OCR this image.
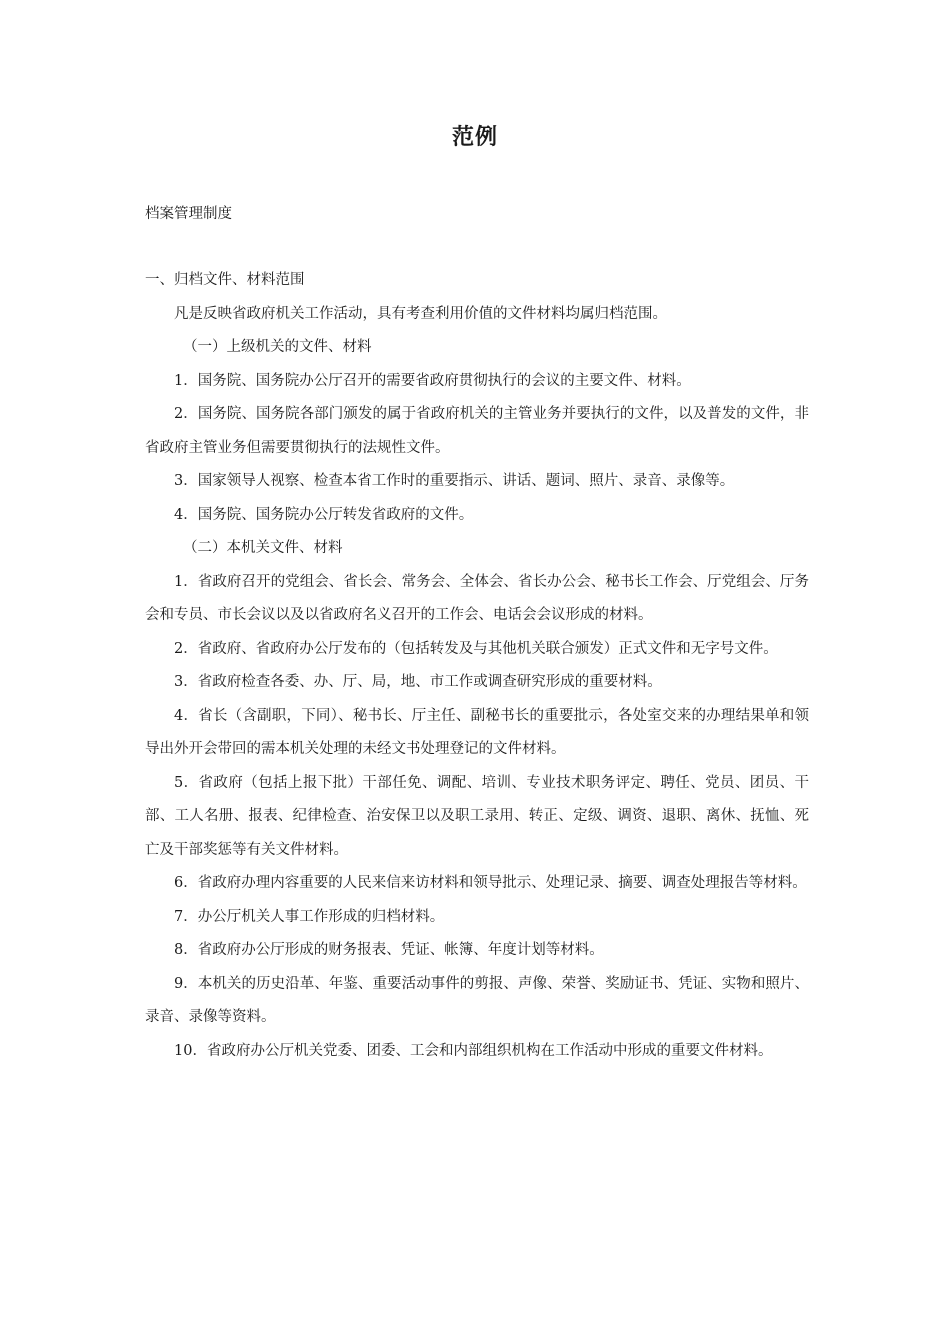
范例
档案管理制度

一、归档文件、材料范围

凡是反映省政府机关工作活动，具有考查利用价值的文件材料均属归档范围。

（一）上级机关的文件、材料

1．国务院、国务院办公厅召开的需要省政府贯彻执行的会议的主要文件、材料。

2．国务院、国务院各部门颁发的属于省政府机关的主管业务并要执行的文件，以及普发的文件，非省政府主管业务但需要贯彻执行的法规性文件。

3．国家领导人视察、检查本省工作时的重要指示、讲话、题词、照片、录音、录像等。

4．国务院、国务院办公厅转发省政府的文件。

（二）本机关文件、材料

1．省政府召开的党组会、省长会、常务会、全体会、省长办公会、秘书长工作会、厅党组会、厅务会和专员、市长会议以及以省政府名义召开的工作会、电话会会议形成的材料。

2．省政府、省政府办公厅发布的（包括转发及与其他机关联合颁发）正式文件和无字号文件。

3．省政府检查各委、办、厅、局，地、市工作或调查研究形成的重要材料。

4．省长（含副职，下同）、秘书长、厅主任、副秘书长的重要批示，各处室交来的办理结果单和领导出外开会带回的需本机关处理的未经文书处理登记的文件材料。

5．省政府（包括上报下批）干部任免、调配、培训、专业技术职务评定、聘任、党员、团员、干部、工人名册、报表、纪律检查、治安保卫以及职工录用、转正、定级、调资、退职、离休、抚恤、死亡及干部奖惩等有关文件材料。

6．省政府办理内容重要的人民来信来访材料和领导批示、处理记录、摘要、调查处理报告等材料。

7．办公厅机关人事工作形成的归档材料。

8．省政府办公厅形成的财务报表、凭证、帐簿、年度计划等材料。

9．本机关的历史沿革、年鉴、重要活动事件的剪报、声像、荣誉、奖励证书、凭证、实物和照片、录音、录像等资料。

10．省政府办公厅机关党委、团委、工会和内部组织机构在工作活动中形成的重要文件材料。
